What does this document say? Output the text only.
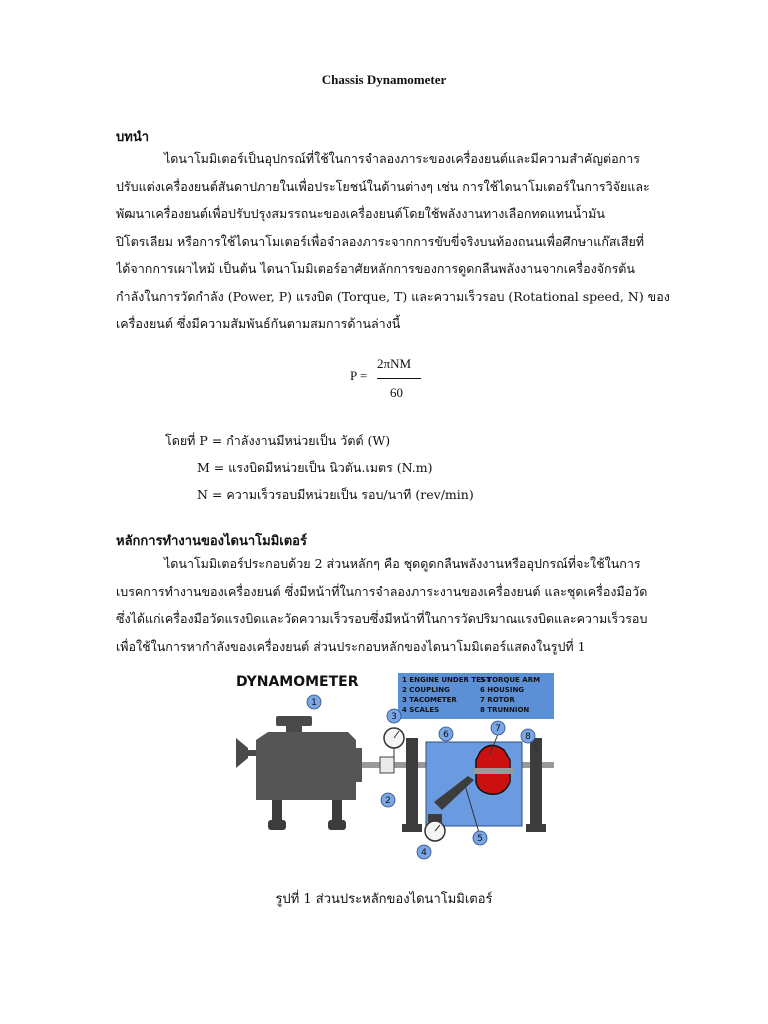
Chassis Dynamometer
บทนำ
ไดนาโมมิเตอร์เป็นอุปกรณ์ที่ใช้ในการจำลองภาระของเครื่องยนต์และมีความสำคัญต่อการ
ปรับแต่งเครื่องยนต์สันดาปภายในเพื่อประโยชน์ในด้านต่างๆ เช่น การใช้ไดนาโมเตอร์ในการวิจัยและ
พัฒนาเครื่องยนต์เพื่อปรับปรุงสมรรถนะของเครื่องยนต์โดยใช้พลังงานทางเลือกทดแทนน้ำมัน
ปิโตรเลียม หรือการใช้ไดนาโมเตอร์เพื่อจำลองภาระจากการขับขี่จริงบนท้องถนนเพื่อศึกษาแก๊สเสียที่
ได้จากการเผาไหม้ เป็นต้น ไดนาโมมิเตอร์อาศัยหลักการของการดูดกลืนพลังงานจากเครื่องจักรต้น
กำลังในการวัดกำลัง (Power, P) แรงบิด (Torque, T) และความเร็วรอบ (Rotational speed, N) ของ
เครื่องยนต์ ซึ่งมีความสัมพันธ์กันตามสมการด้านล่างนี้
P =
2πNM
60
โดยที่ P = กำลังงานมีหน่วยเป็น วัตต์ (W)
M = แรงบิดมีหน่วยเป็น นิวตัน.เมตร (N.m)
N = ความเร็วรอบมีหน่วยเป็น รอบ/นาที (rev/min)
หลักการทำงานของไดนาโมมิเตอร์
ไดนาโมมิเตอร์ประกอบด้วย 2 ส่วนหลักๆ คือ ชุดดูดกลืนพลังงานหรืออุปกรณ์ที่จะใช้ในการ
เบรคการทำงานของเครื่องยนต์ ซึ่งมีหน้าที่ในการจำลองภาระงานของเครื่องยนต์ และชุดเครื่องมือวัด
ซึ่งได้แก่เครื่องมือวัดแรงบิดและวัดความเร็วรอบซึ่งมีหน้าที่ในการวัดปริมาณแรงบิดและความเร็วรอบ
เพื่อใช้ในการหากำลังของเครื่องยนต์ ส่วนประกอบหลักของไดนาโมมิเตอร์แสดงในรูปที่ 1
DYNAMOMETER	1 ENGINE UNDER TEST
2 COUPLING
3 TACOMETER
4 SCALES
5 TORQUE ARM
6 HOUSING
7 ROTOR
8 TRUNNION
1
2
3
4
5
6
7
8
รูปที่ 1 ส่วนประหลักของไดนาโมมิเตอร์
